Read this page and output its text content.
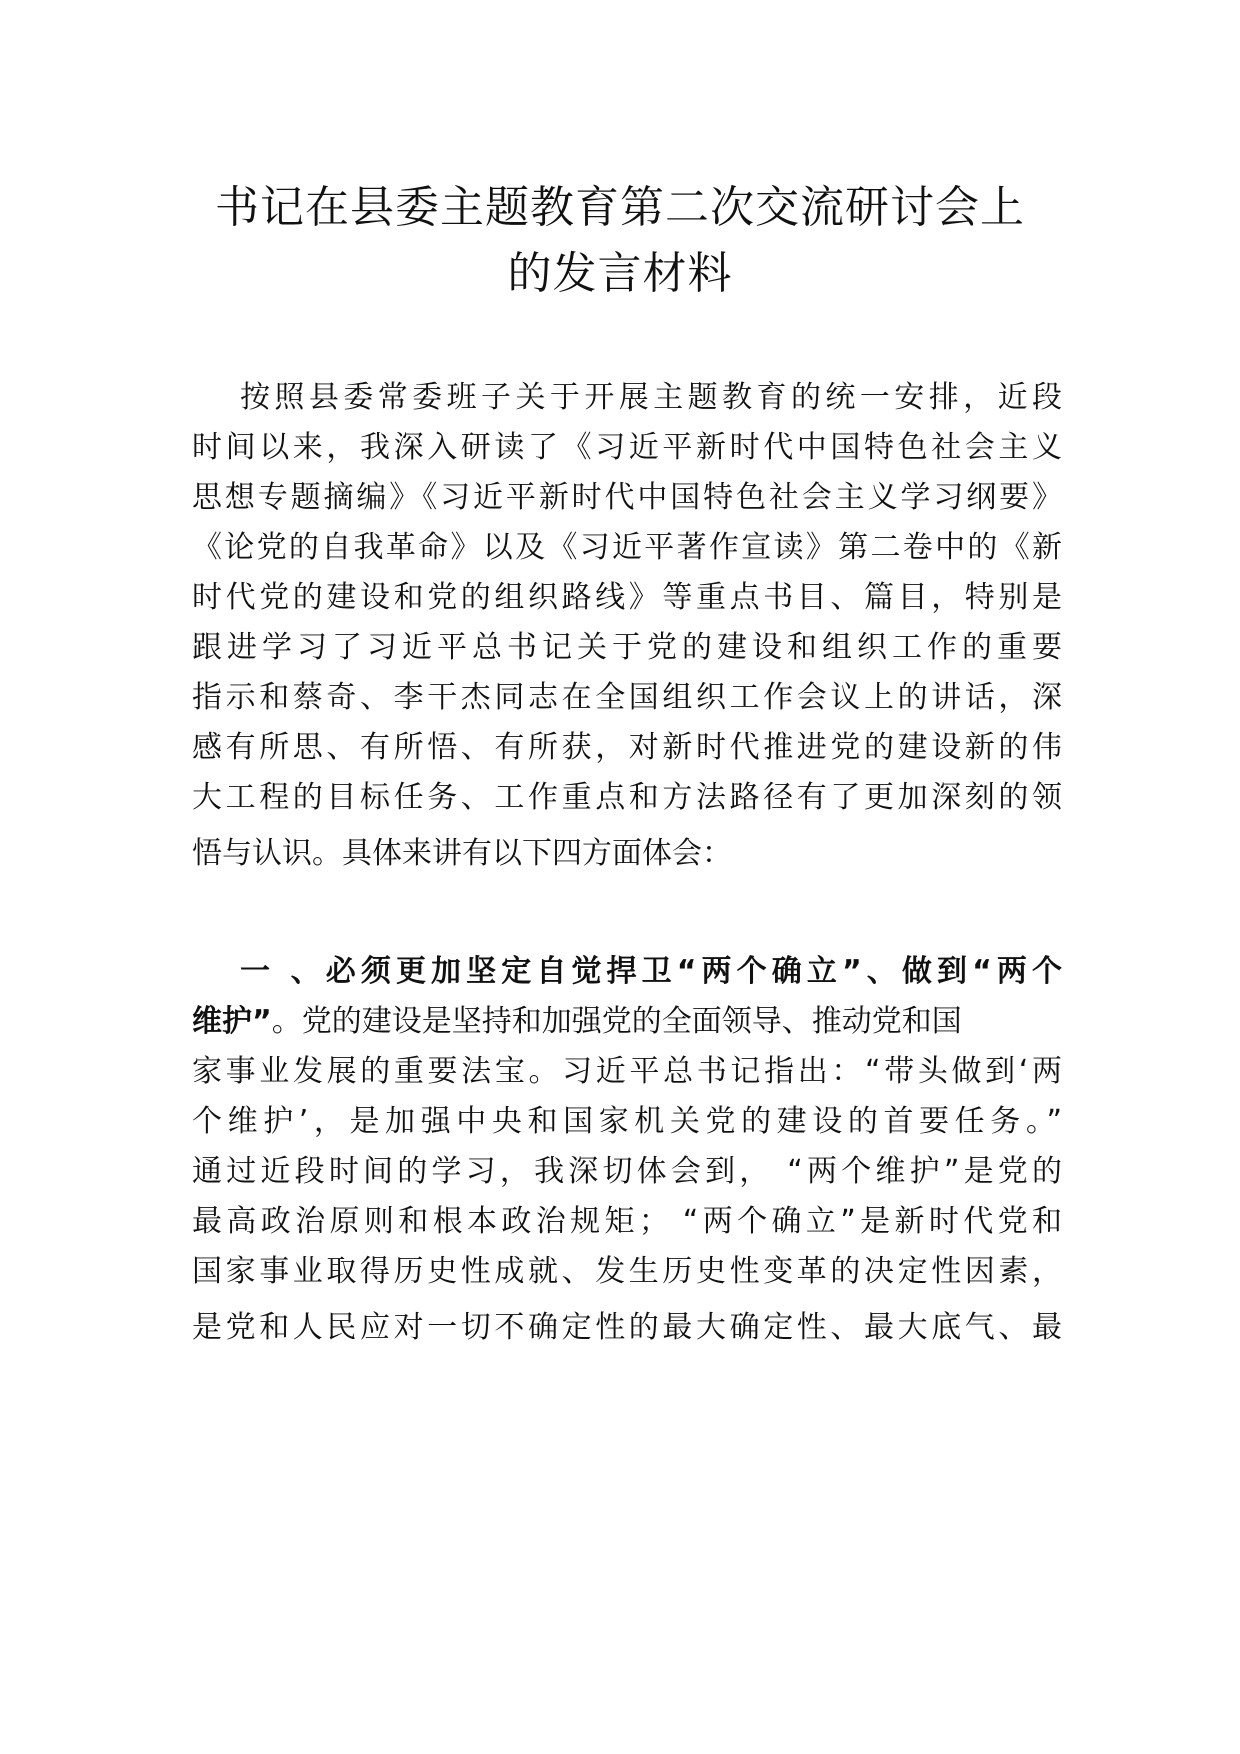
书记在县委主题教育第二次交流研讨会上
的发言材料

按照县委常委班子关于开展主题教育的统一安排，近段

时间以来，我深入研读了《习近平新时代中国特色社会主义

思想专题摘编》《习近平新时代中国特色社会主义学习纲要》

《论党的自我革命》以及《习近平著作宣读》第二卷中的《新

时代党的建设和党的组织路线》等重点书目、篇目，特别是

跟进学习了习近平总书记关于党的建设和组织工作的重要

指示和蔡奇、李干杰同志在全国组织工作会议上的讲话，深

感有所思、有所悟、有所获，对新时代推进党的建设新的伟

大工程的目标任务、工作重点和方法路径有了更加深刻的领

悟与认识。具体来讲有以下四方面体会：

一 、必须更加坚定自觉捍卫“两个确立”、做到“两个

维护”。党的建设是坚持和加强党的全面领导、推动党和国

家事业发展的重要法宝。习近平总书记指出：“带头做到‘两

个维护’，是加强中央和国家机关党的建设的首要任务。”

通过近段时间的学习，我深切体会到， “两个维护”是党的

最高政治原则和根本政治规矩； “两个确立”是新时代党和

国家事业取得历史性成就、发生历史性变革的决定性因素，

是党和人民应对一切不确定性的最大确定性、最大底气、最
